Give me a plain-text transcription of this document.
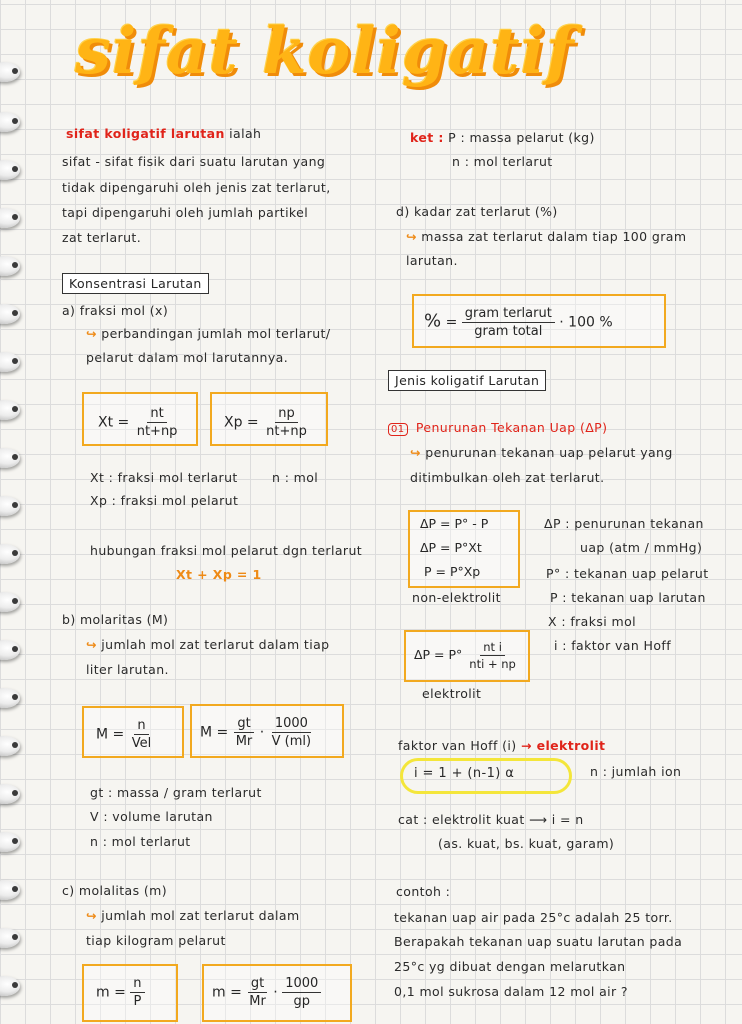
sifat koligatif
sifat koligatif larutan ialah
sifat - sifat fisik dari suatu larutan yang
tidak dipengaruhi oleh jenis zat terlarut,
tapi dipengaruhi oleh jumlah partikel
zat terlarut.
Konsentrasi Larutan
a) fraksi mol (x)
↪ perbandingan jumlah mol terlarut/
pelarut dalam mol larutannya.
$Xt = \frac{nt}{nt+np}$	$Xp = \frac{np}{nt+np}$
Xt : fraksi mol terlarut	n : mol
Xp : fraksi mol pelarut
hubungan fraksi mol pelarut dgn terlarut
Xt + Xp = 1
b) molaritas (M)
↪ jumlah mol zat terlarut dalam tiap
liter larutan.
$M = \frac{n}{\text{Vel}}$	$M = \frac{gt}{Mr} \cdot \frac{1000}{V (ml)}$
gt : massa / gram terlarut
V : volume larutan
n : mol terlarut
c) molalitas (m)
↪ jumlah mol zat terlarut dalam
tiap kilogram pelarut
$m = \frac{n}{P}$	$m = \frac{gt}{Mr} \cdot \frac{1000}{gp}$
ket : P : massa pelarut (kg)
n : mol terlarut
d) kadar zat terlarut (%)
↪ massa zat terlarut dalam tiap 100 gram
larutan.
% = $\frac{\text{gram terlarut}}{\text{gram total}} \cdot 100$ %
Jenis koligatif Larutan
01 Penurunan Tekanan Uap (ΔP)
↪ penurunan tekanan uap pelarut yang
ditimbulkan oleh zat terlarut.
ΔP = P° - P
ΔP = P°Xt
P = P°Xp
non-elektrolit
ΔP : penurunan tekanan
uap (atm / mmHg)
P° : tekanan uap pelarut
P : tekanan uap larutan
X : fraksi mol
i : faktor van Hoff
$\Delta P = P^\circ \frac{\text{nt i}}{\text{nti + np}}$
elektrolit
faktor van Hoff (i) → elektrolit
i = 1 + (n-1) α	n : jumlah ion
cat : elektrolit kuat ⟶ i = n
(as. kuat, bs. kuat, garam)
contoh :
tekanan uap air pada 25°c adalah 25 torr.
Berapakah tekanan uap suatu larutan pada
25°c yg dibuat dengan melarutkan
0,1 mol sukrosa dalam 12 mol air ?
